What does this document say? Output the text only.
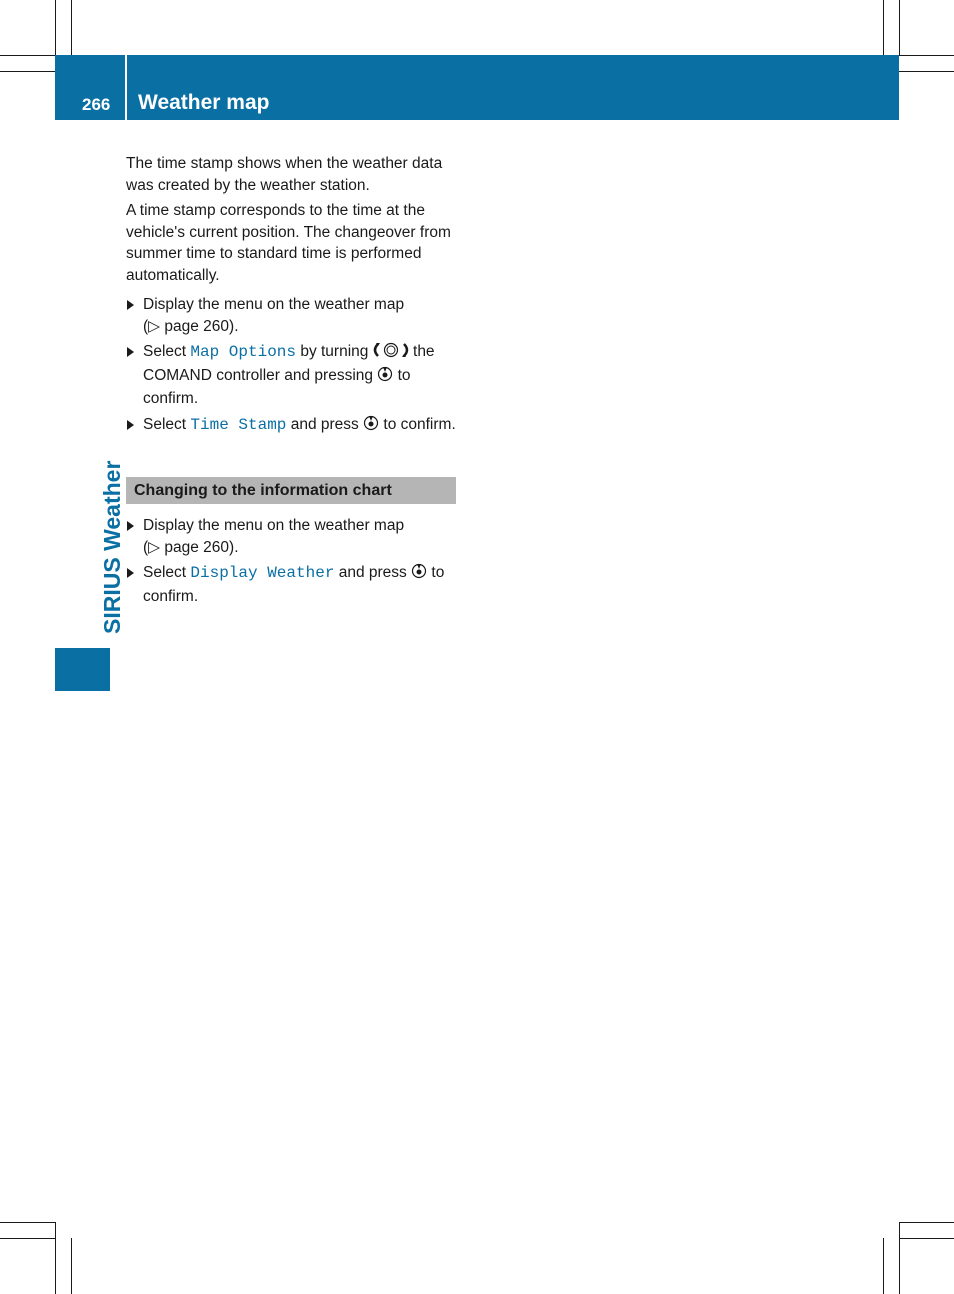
266 Weather map
SIRIUS Weather

The time stamp shows when the weather data was created by the weather station.

A time stamp corresponds to the time at the vehicle's current position. The changeover from summer time to standard time is performed automatically.

Display the menu on the weather map
(▷ page 260).
Select Map Options by turning  the COMAND controller and pressing  to confirm.
Select Time Stamp and press  to confirm.
Changing to the information chart
Display the menu on the weather map
(▷ page 260).
Select Display Weather and press  to confirm.
